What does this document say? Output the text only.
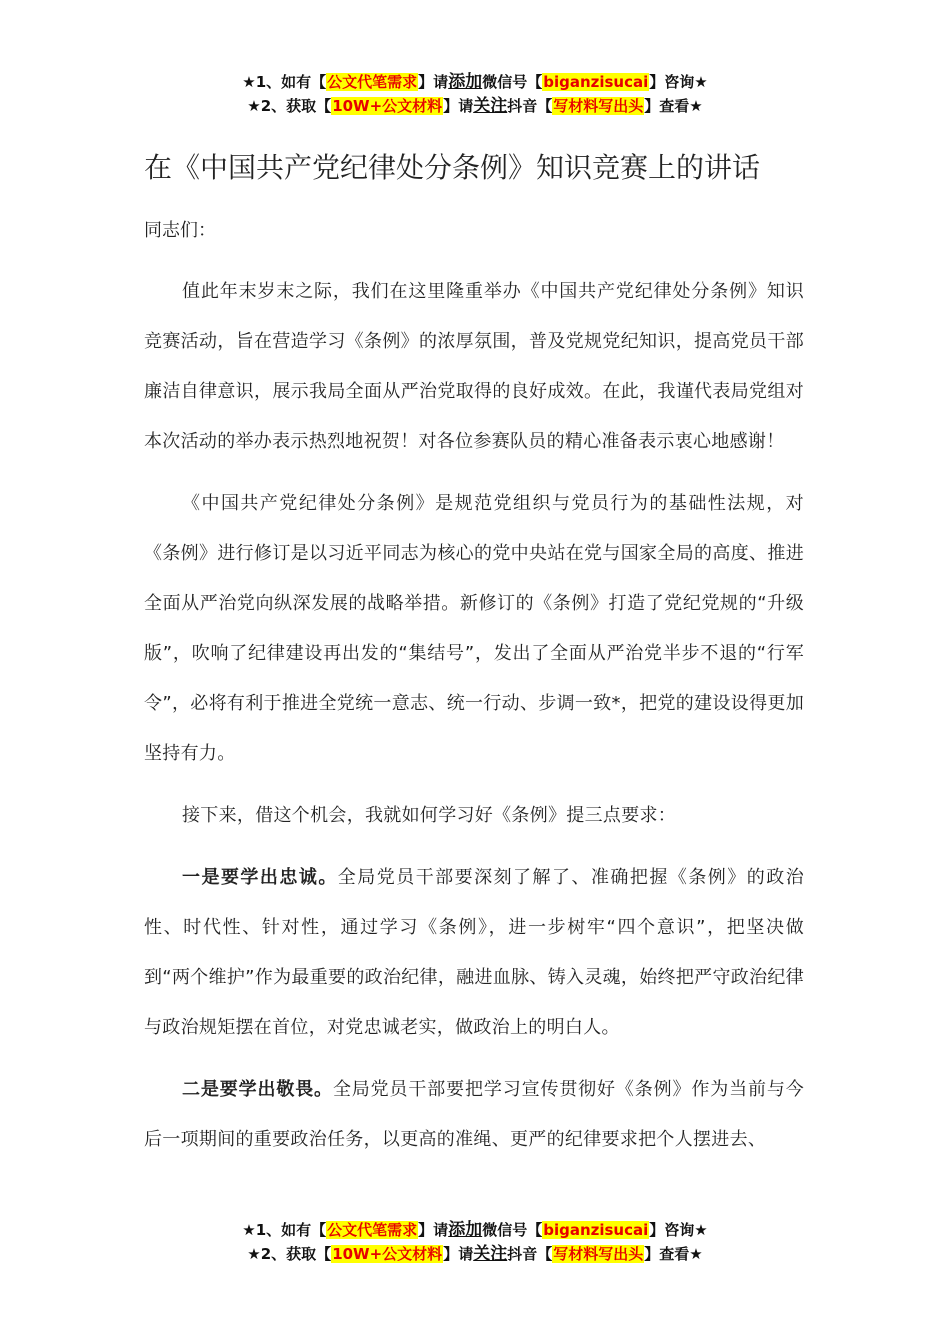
★1、如有【公文代笔需求】请添加微信号【biganzisucai】咨询★
★2、获取【10W+公文材料】请关注抖音【写材料写出头】查看★
在《中国共产党纪律处分条例》知识竞赛上的讲话

同志们：

值此年末岁末之际，我们在这里隆重举办《中国共产党纪律处分条例》知识竞赛活动，旨在营造学习《条例》的浓厚氛围，普及党规党纪知识，提高党员干部廉洁自律意识，展示我局全面从严治党取得的良好成效。在此，我谨代表局党组对本次活动的举办表示热烈地祝贺！对各位参赛队员的精心准备表示衷心地感谢！

《中国共产党纪律处分条例》是规范党组织与党员行为的基础性法规，对《条例》进行修订是以习近平同志为核心的党中央站在党与国家全局的高度、推进全面从严治党向纵深发展的战略举措。新修订的《条例》打造了党纪党规的“升级版”，吹响了纪律建设再出发的“集结号”，发出了全面从严治党半步不退的“行军令”，必将有利于推进全党统一意志、统一行动、步调一致*，把党的建设设得更加坚持有力。

接下来，借这个机会，我就如何学习好《条例》提三点要求：

一是要学出忠诚。全局党员干部要深刻了解了、准确把握《条例》的政治性、时代性、针对性，通过学习《条例》，进一步树牢“四个意识”，把坚决做到“两个维护”作为最重要的政治纪律，融进血脉、铸入灵魂，始终把严守政治纪律与政治规矩摆在首位，对党忠诚老实，做政治上的明白人。

二是要学出敬畏。全局党员干部要把学习宣传贯彻好《条例》作为当前与今后一项期间的重要政治任务，以更高的准绳、更严的纪律要求把个人摆进去、

★1、如有【公文代笔需求】请添加微信号【biganzisucai】咨询★
★2、获取【10W+公文材料】请关注抖音【写材料写出头】查看★
